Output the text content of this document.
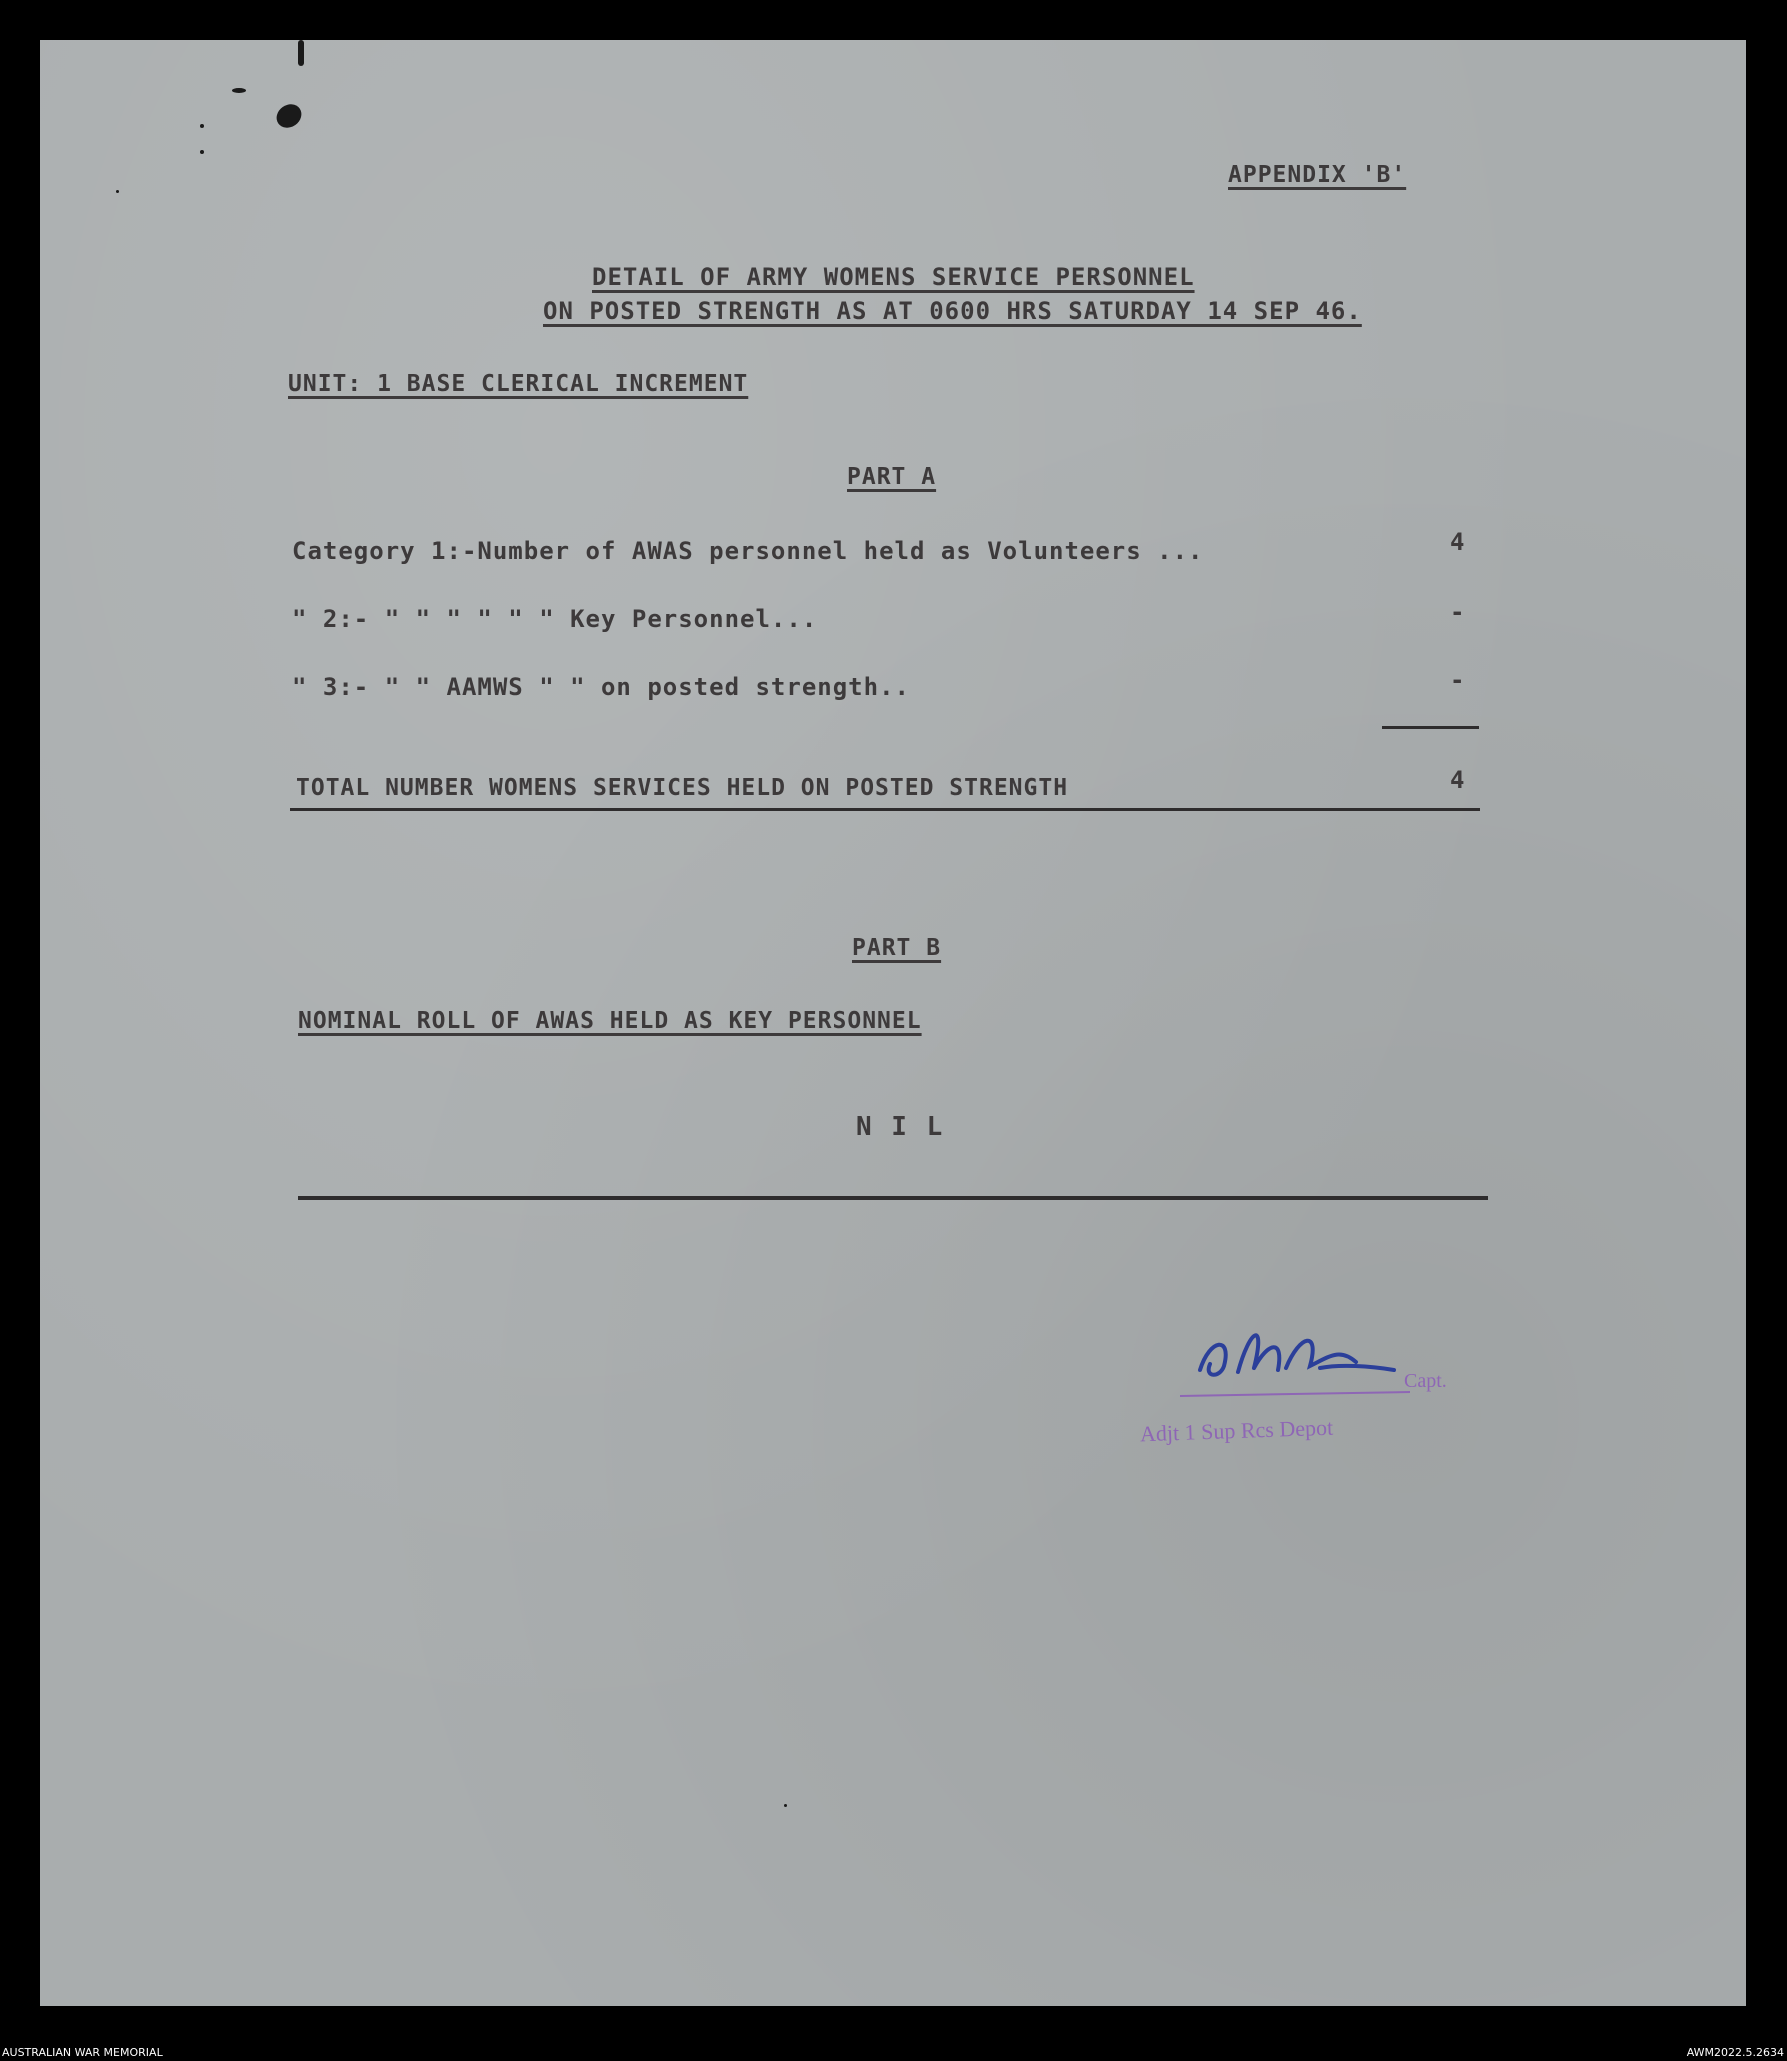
APPENDIX 'B'
DETAIL OF ARMY WOMENS SERVICE PERSONNEL
ON POSTED STRENGTH AS AT 0600 HRS SATURDAY 14 SEP 46.
UNIT: 1 BASE CLERICAL INCREMENT
PART A
Category 1:-Number of AWAS personnel held as Volunteers ...	4
" 2:- " " " " " " Key Personnel...	-
" 3:- " " AAMWS " " on posted strength..	-
TOTAL NUMBER WOMENS SERVICES HELD ON POSTED STRENGTH	4
PART B
NOMINAL ROLL OF AWAS HELD AS KEY PERSONNEL
N I L
Capt.
Adjt 1 Sup Rcs Depot
AUSTRALIAN WAR MEMORIAL	AWM2022.5.2634
